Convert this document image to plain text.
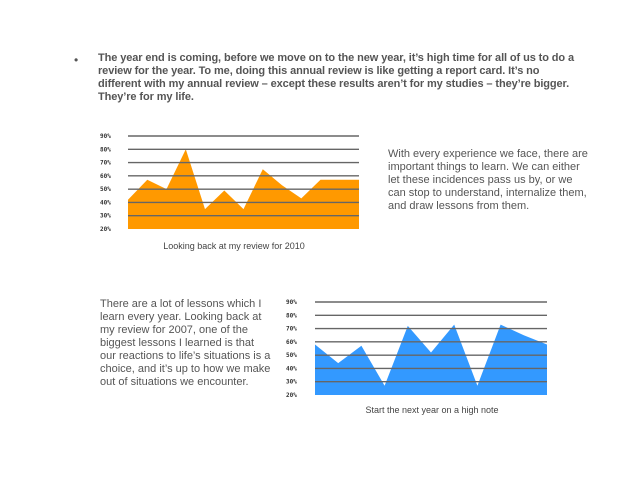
•	The year end is coming, before we move on to the new year, it’s high time for all of us to do a review for the year. To me, doing this annual review is like getting a report card. It’s no different with my annual review – except these results aren’t for my studies – they’re bigger. They’re for my life.
20%
30%
40%
50%
60%
70%
80%
90%
Looking back at my review for 2010
With every experience we face, there are important things to learn. We can either let these incidences pass us by, or we can stop to understand, internalize them, and draw lessons from them.
There are a lot of lessons which I learn every year. Looking back at my review for 2007, one of the biggest lessons I learned is that our reactions to life’s situations is a choice, and it’s up to how we make out of situations we encounter.
20%
30%
40%
50%
60%
70%
80%
90%
Start the next year on a high note
